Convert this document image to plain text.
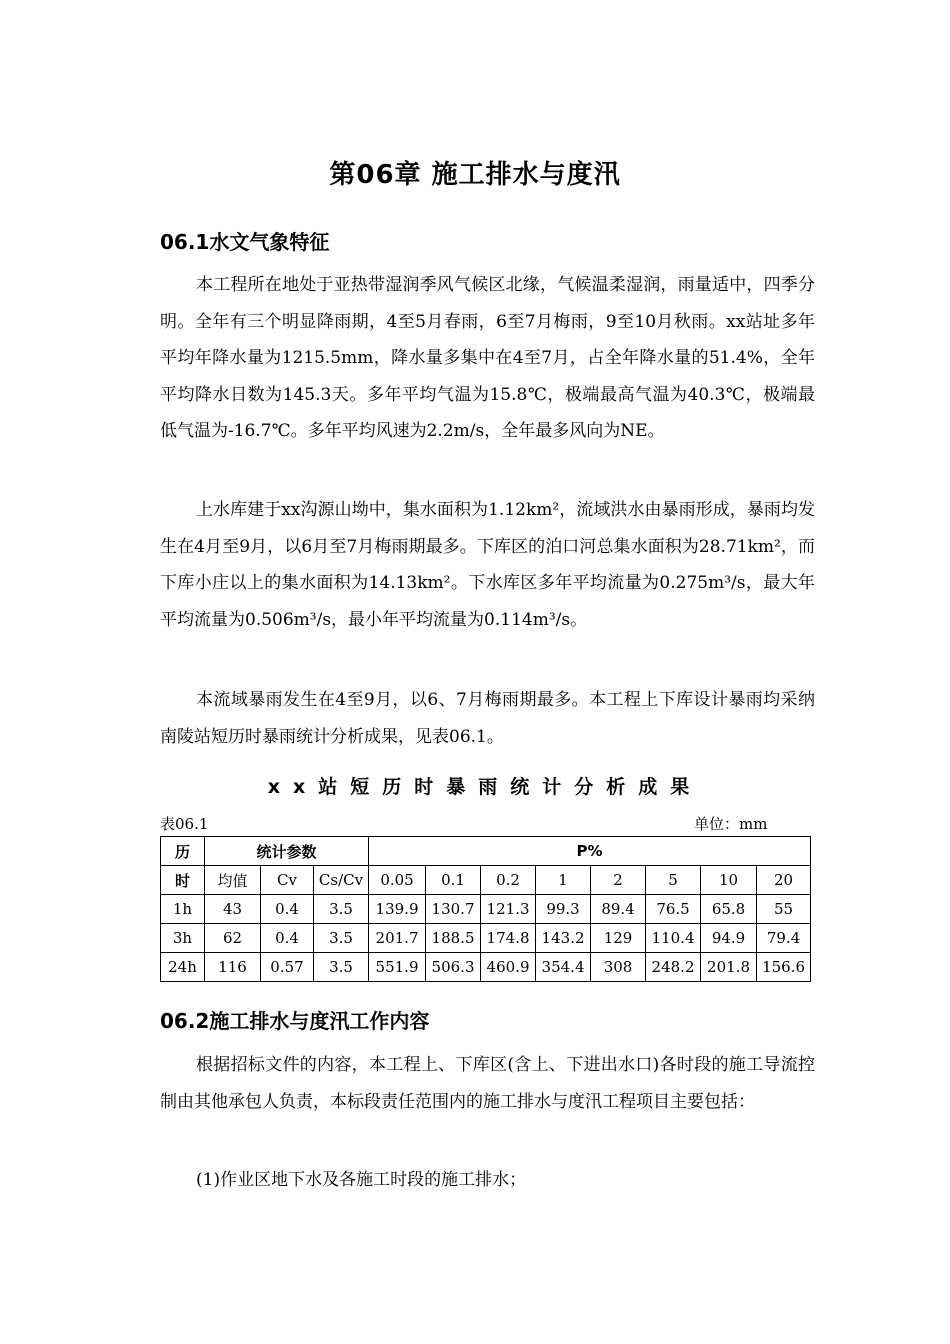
第06章 施工排水与度汛
06.1水文气象特征

本工程所在地处于亚热带湿润季风气候区北缘，气候温柔湿润，雨量适中，四季分明。全年有三个明显降雨期，4至5月春雨，6至7月梅雨，9至10月秋雨。xx站址多年平均年降水量为1215.5mm，降水量多集中在4至7月，占全年降水量的51.4%，全年平均降水日数为145.3天。多年平均气温为15.8℃，极端最高气温为40.3℃，极端最低气温为-16.7℃。多年平均风速为2.2m/s，全年最多风向为NE。

上水库建于xx沟源山坳中，集水面积为1.12km²，流域洪水由暴雨形成，暴雨均发生在4月至9月，以6月至7月梅雨期最多。下库区的泊口河总集水面积为28.71km²，而下库小庄以上的集水面积为14.13km²。下水库区多年平均流量为0.275m³/s，最大年平均流量为0.506m³/s，最小年平均流量为0.114m³/s。

本流域暴雨发生在4至9月，以6、7月梅雨期最多。本工程上下库设计暴雨均采纳南陵站短历时暴雨统计分析成果，见表06.1。

xx站短历时暴雨统计分析成果
表06.1	单位：mm
历	统计参数			P%							
时	均值	Cv	Cs/Cv	0.05	0.1	0.2	1	2	5	10	20
1h	43	0.4	3.5	139.9	130.7	121.3	99.3	89.4	76.5	65.8	55
3h	62	0.4	3.5	201.7	188.5	174.8	143.2	129	110.4	94.9	79.4
24h	116	0.57	3.5	551.9	506.3	460.9	354.4	308	248.2	201.8	156.6
06.2施工排水与度汛工作内容

根据招标文件的内容，本工程上、下库区(含上、下进出水口)各时段的施工导流控制由其他承包人负责，本标段责任范围内的施工排水与度汛工程项目主要包括：

(1)作业区地下水及各施工时段的施工排水；
